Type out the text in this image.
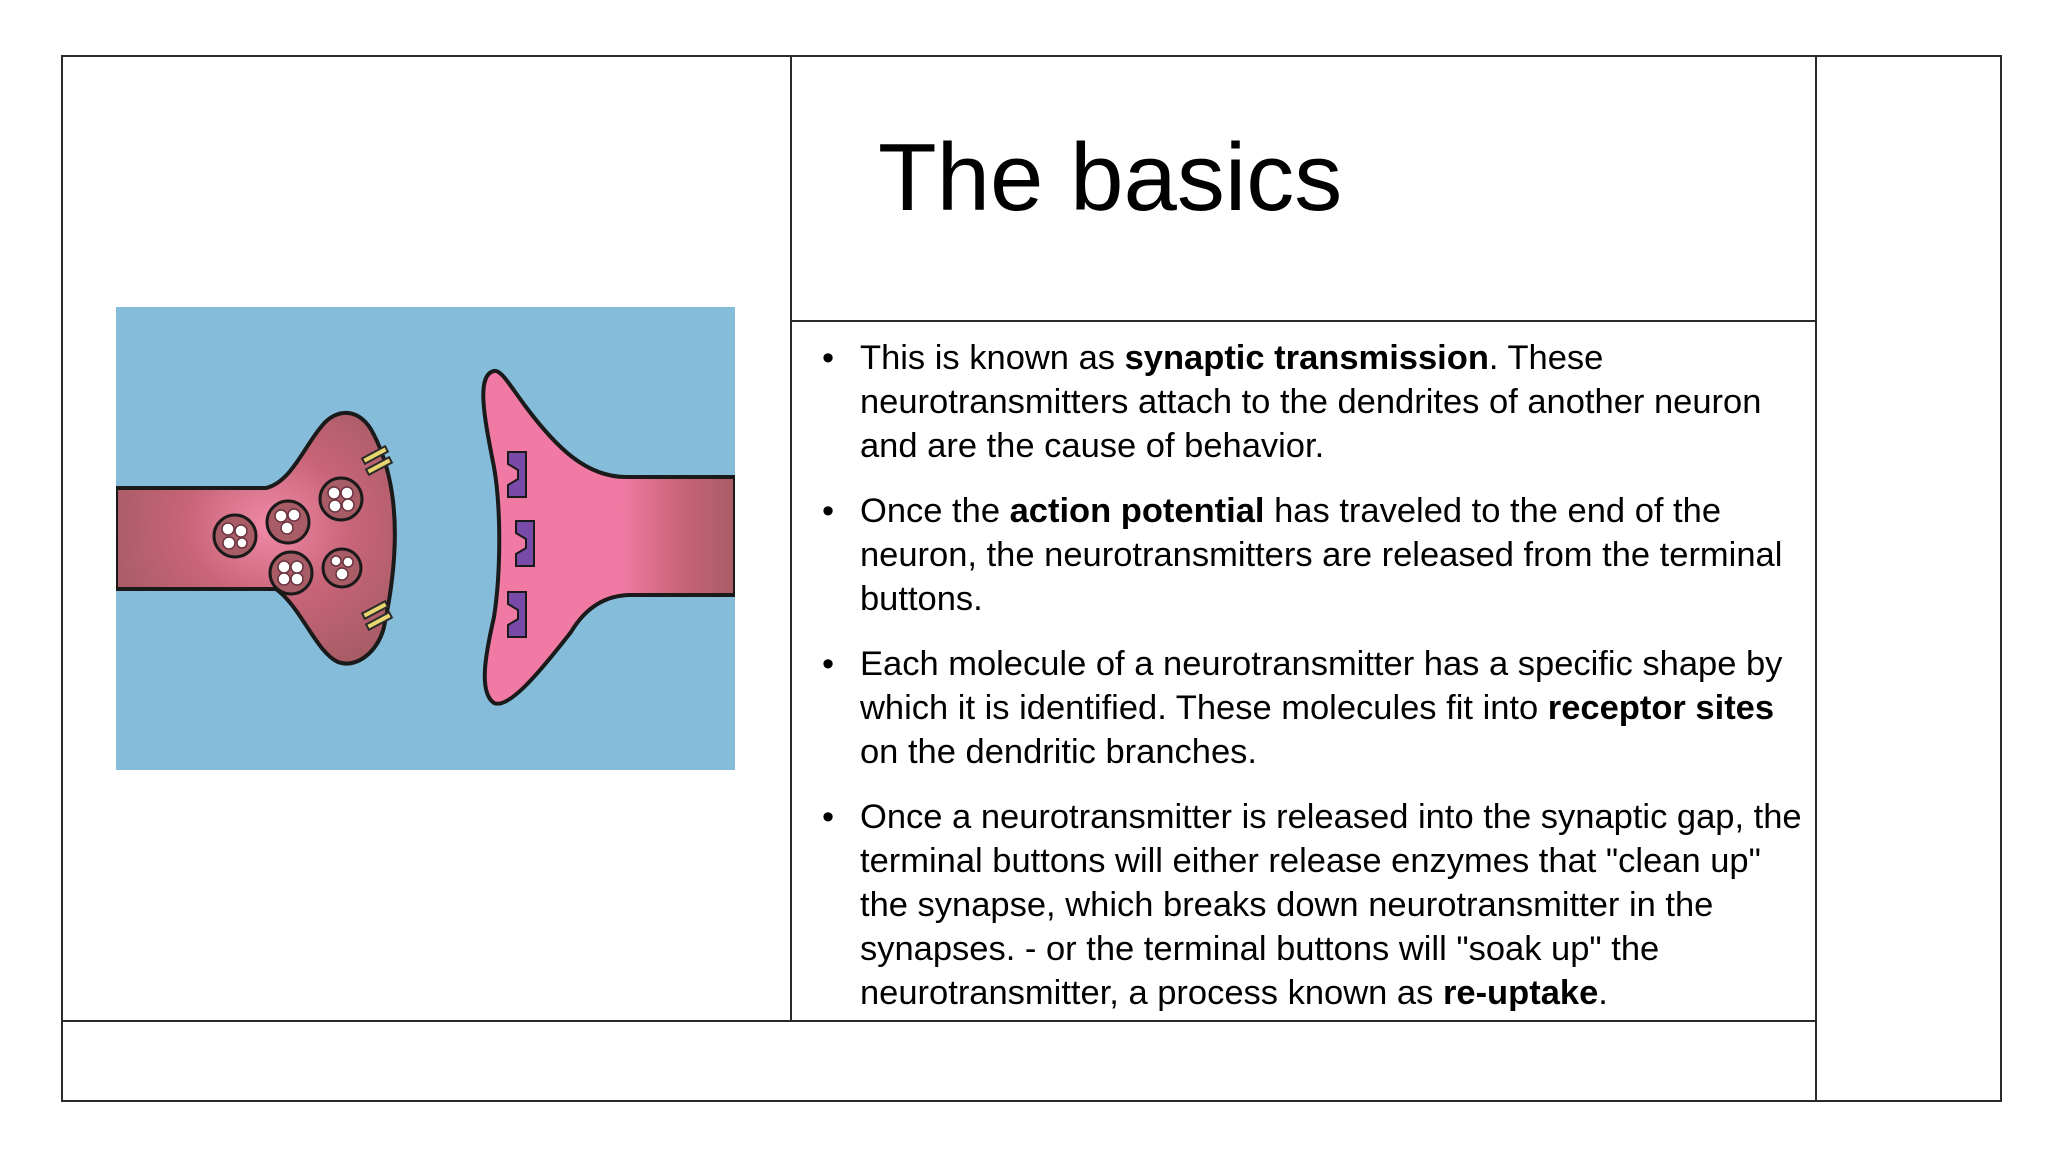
The basics
• This is known as synaptic transmission. These neurotransmitters attach to the dendrites of another neuron and are the cause of behavior.
• Once the action potential has traveled to the end of the neuron, the neurotransmitters are released from the terminal buttons.
• Each molecule of a neurotransmitter has a specific shape by which it is identified. These molecules fit into receptor sites on the dendritic branches.
• Once a neurotransmitter is released into the synaptic gap, the terminal buttons will either release enzymes that "clean up" the synapse, which breaks down neurotransmitter in the synapses. - or the terminal buttons will "soak up" the neurotransmitter, a process known as re-uptake.
